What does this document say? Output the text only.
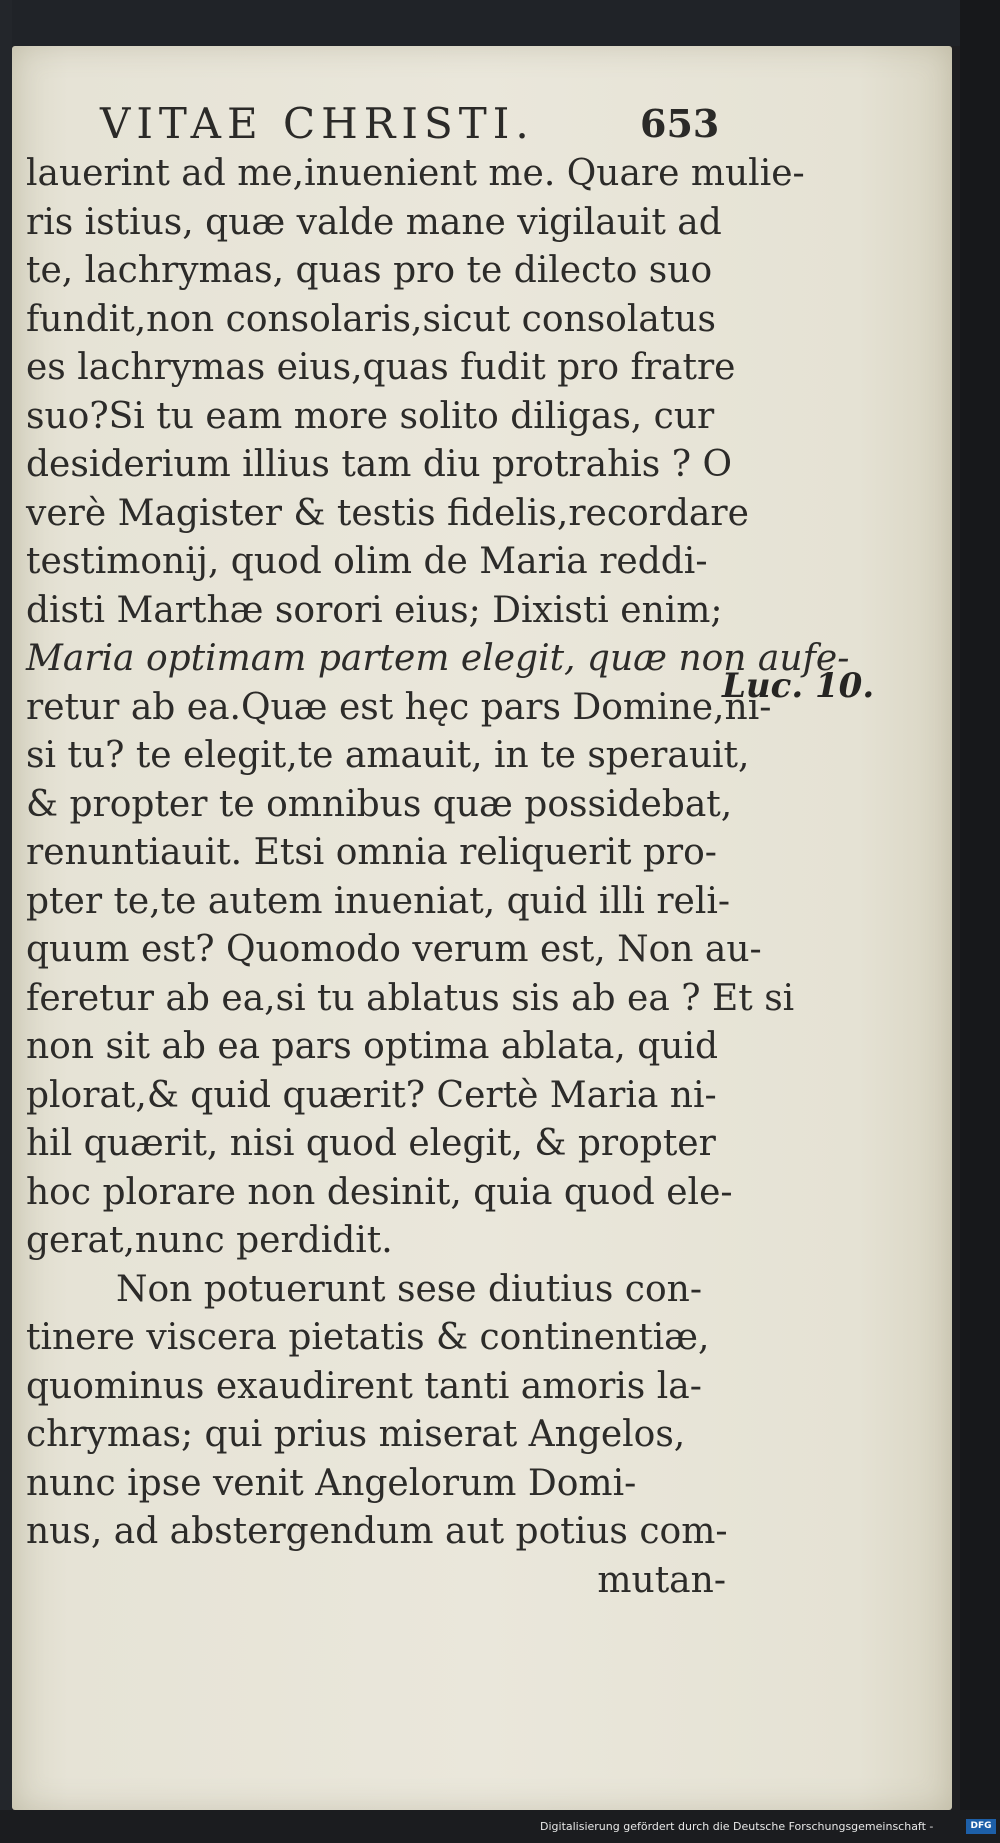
VITAE CHRISTI.	653
lauerint ad me,inuenient me. Quare mulie-
ris istius, quæ valde mane vigilauit ad
te, lachrymas, quas pro te dilecto suo
fundit,non consolaris,sicut consolatus
es lachrymas eius,quas fudit pro fratre
suo?Si tu eam more solito diligas, cur
desiderium illius tam diu protrahis ? O
verè Magister & testis fidelis,recordare
testimonij, quod olim de Maria reddi-
disti Marthæ sorori eius; Dixisti enim;
Maria optimam partem elegit, quæ non aufe-
retur ab ea.Quæ est hęc pars Domine,ni-
si tu? te elegit,te amauit, in te sperauit,
& propter te omnibus quæ possidebat,
renuntiauit. Etsi omnia reliquerit pro-
pter te,te autem inueniat, quid illi reli-
quum est? Quomodo verum est, Non au-
feretur ab ea,si tu ablatus sis ab ea ? Et si
non sit ab ea pars optima ablata, quid
plorat,& quid quærit? Certè Maria ni-
hil quærit, nisi quod elegit, & propter
hoc plorare non desinit, quia quod ele-
gerat,nunc perdidit.
Non potuerunt sese diutius con-
tinere viscera pietatis & continentiæ,
quominus exaudirent tanti amoris la-
chrymas; qui prius miserat Angelos,
nunc ipse venit Angelorum Domi-
nus, ad abstergendum aut potius com-
mutan-
Luc. 10.
Digitalisierung gefördert durch die Deutsche Forschungsgemeinschaft -	DFG
